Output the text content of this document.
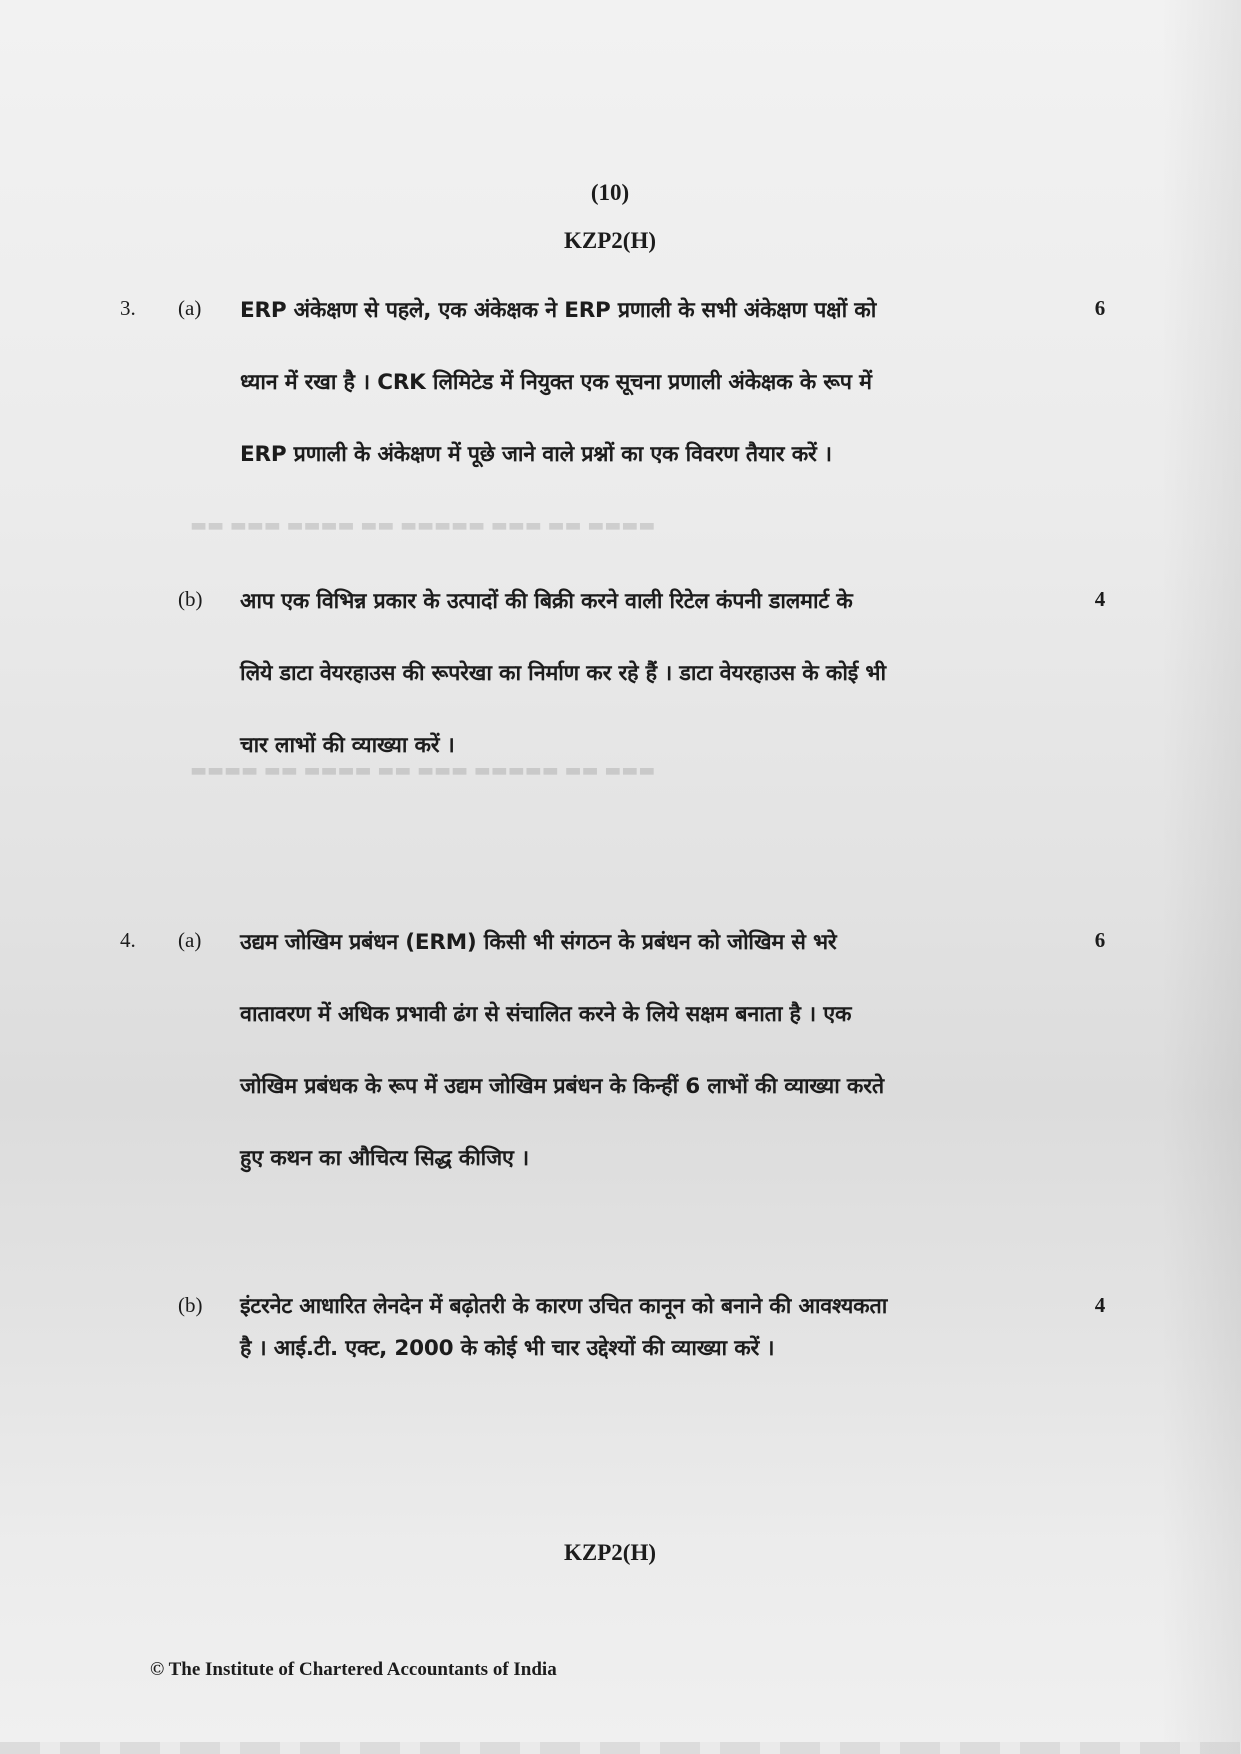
▬▬ ▬▬▬ ▬▬▬▬ ▬▬ ▬▬▬▬▬ ▬▬▬ ▬▬ ▬▬▬▬
▬▬▬▬ ▬▬ ▬▬▬▬ ▬▬ ▬▬▬ ▬▬▬▬▬ ▬▬ ▬▬▬
(10)
KZP2(H)
3. (a)	6
ERP अंकेक्षण से पहले, एक अंकेक्षक ने ERP प्रणाली के सभी अंकेक्षण पक्षों को
ध्यान में रखा है । CRK लिमिटेड में नियुक्त एक सूचना प्रणाली अंकेक्षक के रूप में
ERP प्रणाली के अंकेक्षण में पूछे जाने वाले प्रश्नों का एक विवरण तैयार करें ।
(b)	4
आप एक विभिन्न प्रकार के उत्पादों की बिक्री करने वाली रिटेल कंपनी डालमार्ट के
लिये डाटा वेयरहाउस की रूपरेखा का निर्माण कर रहे हैं । डाटा वेयरहाउस के कोई भी
चार लाभों की व्याख्या करें ।
4. (a)	6
उद्यम जोखिम प्रबंधन (ERM) किसी भी संगठन के प्रबंधन को जोखिम से भरे
वातावरण में अधिक प्रभावी ढंग से संचालित करने के लिये सक्षम बनाता है । एक
जोखिम प्रबंधक के रूप में उद्यम जोखिम प्रबंधन के किन्हीं 6 लाभों की व्याख्या करते
हुए कथन का औचित्य सिद्ध कीजिए ।
(b)	4
इंटरनेट आधारित लेनदेन में बढ़ोतरी के कारण उचित कानून को बनाने की आवश्यकता
है । आई.टी. एक्ट, 2000 के कोई भी चार उद्देश्यों की व्याख्या करें ।
KZP2(H)
© The Institute of Chartered Accountants of India
